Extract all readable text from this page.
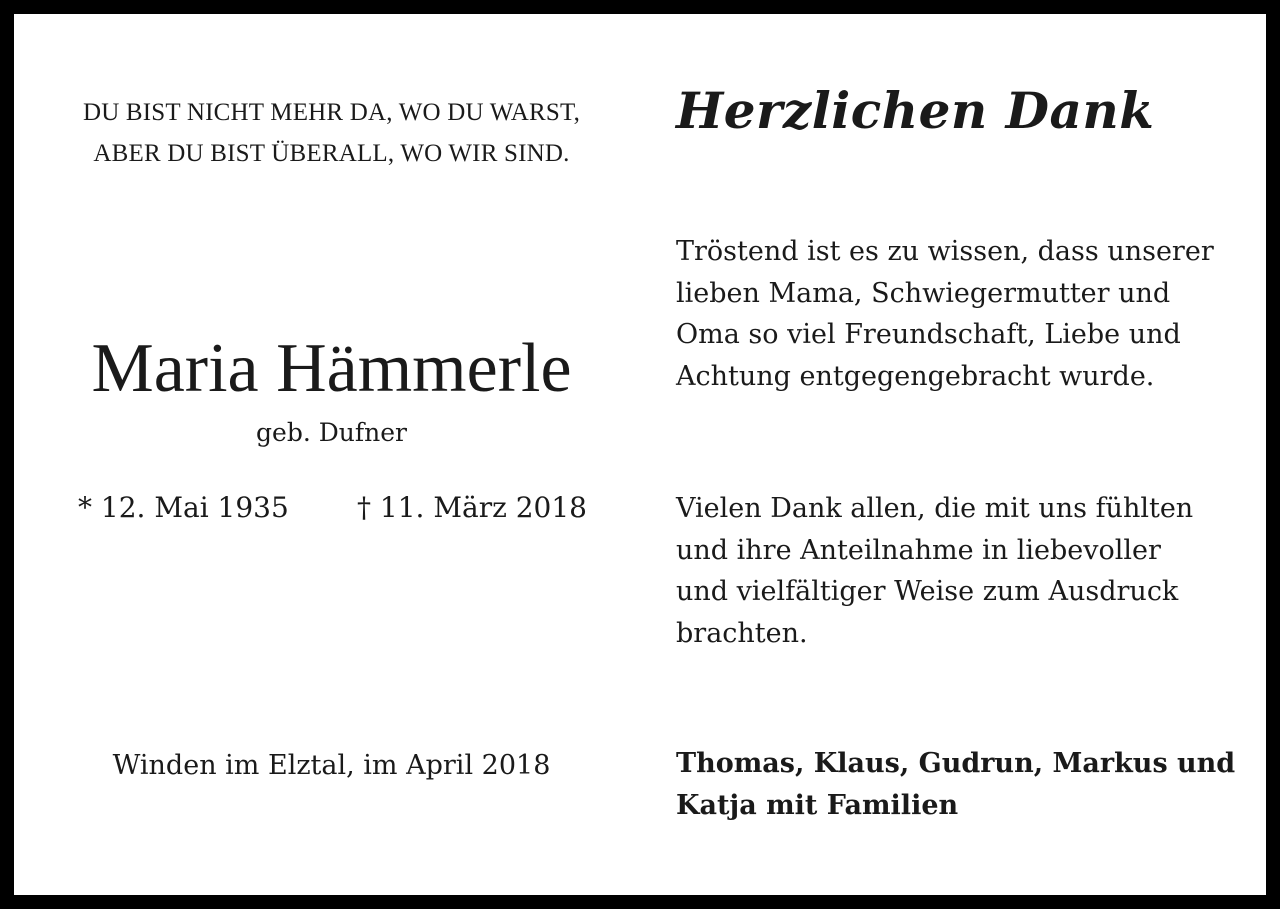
DU BIST NICHT MEHR DA, WO DU WARST,
ABER DU BIST ÜBERALL, WO WIR SIND.
Maria Hämmerle
geb. Dufner
* 12. Mai 1935 † 11. März 2018
Winden im Elztal, im April 2018
Herzlichen Dank
Tröstend ist es zu wissen, dass unserer
lieben Mama, Schwiegermutter und
Oma so viel Freundschaft, Liebe und
Achtung entgegengebracht wurde.
Vielen Dank allen, die mit uns fühlten
und ihre Anteilnahme in liebevoller
und vielfältiger Weise zum Ausdruck
brachten.
Thomas, Klaus, Gudrun, Markus und
Katja mit Familien
